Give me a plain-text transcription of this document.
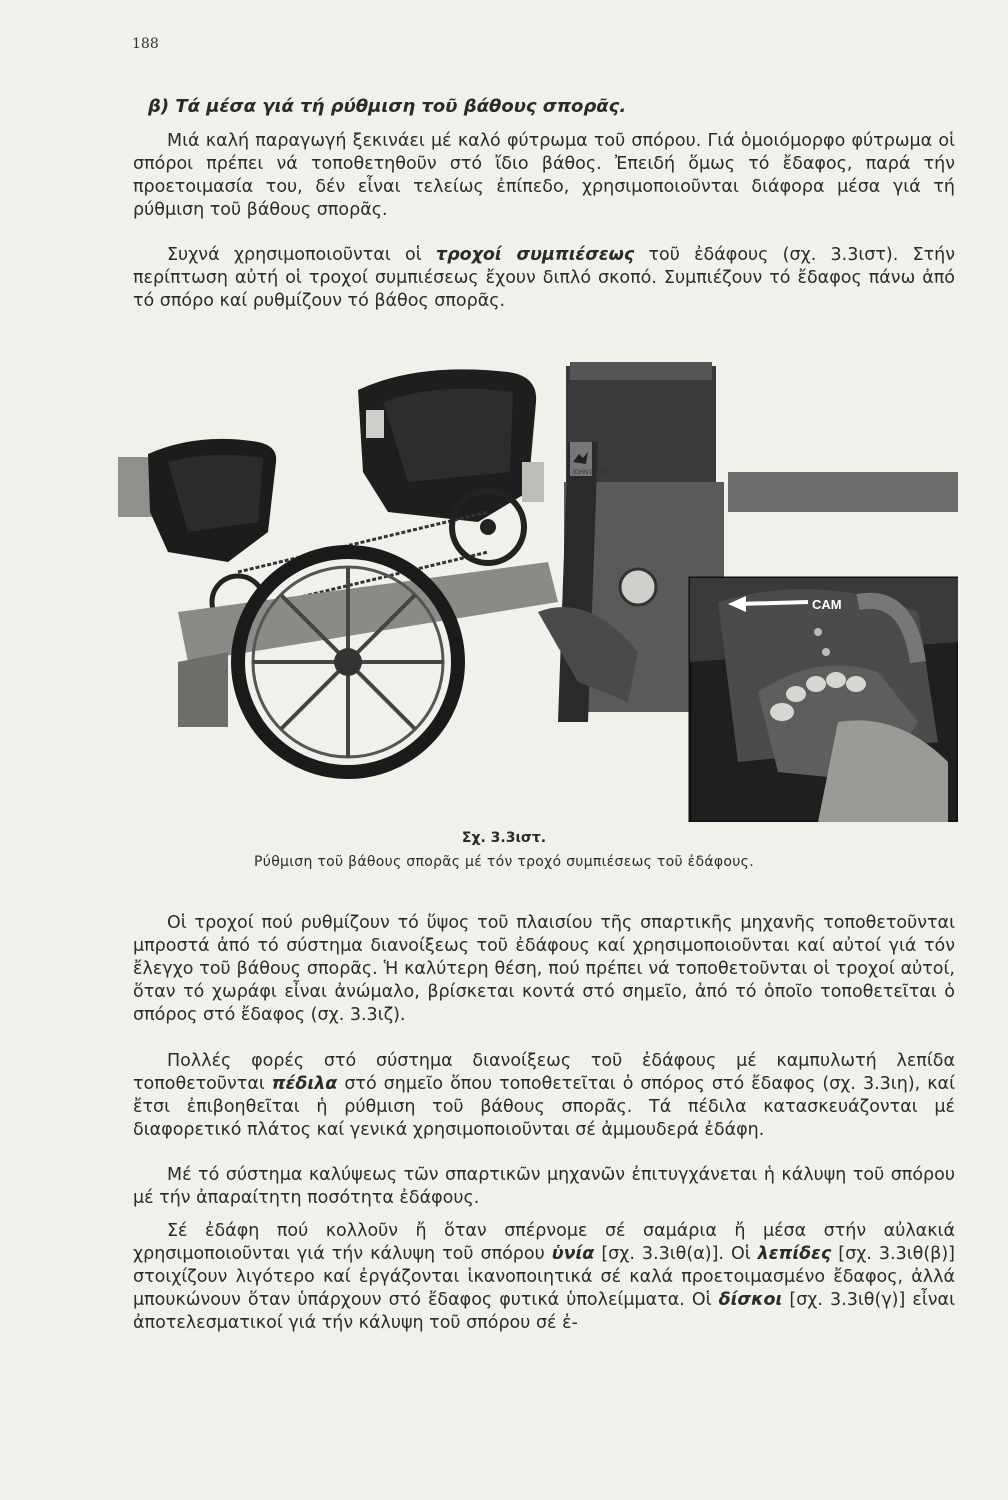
188
β) Τά μέσα γιά τή ρύθμιση τοῦ βάθους σπορᾶς.

Μιά καλή παραγωγή ξεκινάει μέ καλό φύτρωμα τοῦ σπόρου. Γιά ὁμοιόμορφο φύτρωμα οἱ σπόροι πρέπει νά τοποθετηθοῦν στό ἴδιο βάθος. Ἐπειδή ὅμως τό ἔδαφος, παρά τήν προετοιμασία του, δέν εἶναι τελείως ἐπίπεδο, χρησιμοποιοῦνται διάφορα μέσα γιά τή ρύθμιση τοῦ βάθους σπορᾶς.

Συχνά χρησιμοποιοῦνται οἱ τροχοί συμπιέσεως τοῦ ἐδάφους (σχ. 3.3ιστ). Στήν περίπτωση αὐτή οἱ τροχοί συμπιέσεως ἔχουν διπλό σκοπό. Συμπιέζουν τό ἔδαφος πάνω ἀπό τό σπόρο καί ρυθμίζουν τό βάθος σπορᾶς.

JOHN DEERE
CAM
Σχ. 3.3ιστ.
Ρύθμιση τοῦ βάθους σπορᾶς μέ τόν τροχό συμπιέσεως τοῦ ἐδάφους.

Οἱ τροχοί πού ρυθμίζουν τό ὕψος τοῦ πλαισίου τῆς σπαρτικῆς μηχανῆς τοποθετοῦνται μπροστά ἀπό τό σύστημα διανοίξεως τοῦ ἐδάφους καί χρησιμοποιοῦνται καί αὐτοί γιά τόν ἔλεγχο τοῦ βάθους σπορᾶς. Ἡ καλύτερη θέση, πού πρέπει νά τοποθετοῦνται οἱ τροχοί αὐτοί, ὅταν τό χωράφι εἶναι ἀνώμαλο, βρίσκεται κοντά στό σημεῖο, ἀπό τό ὁποῖο τοποθετεῖται ὁ σπόρος στό ἔδαφος (σχ. 3.3ιζ).

Πολλές φορές στό σύστημα διανοίξεως τοῦ ἐδάφους μέ καμπυλωτή λεπίδα τοποθετοῦνται πέδιλα στό σημεῖο ὅπου τοποθετεῖται ὁ σπόρος στό ἔδαφος (σχ. 3.3ιη), καί ἔτσι ἐπιβοηθεῖται ἡ ρύθμιση τοῦ βάθους σπορᾶς. Τά πέδιλα κατασκευάζονται μέ διαφορετικό πλάτος καί γενικά χρησιμοποιοῦνται σέ ἀμμουδερά ἐδάφη.

Μέ τό σύστημα καλύψεως τῶν σπαρτικῶν μηχανῶν ἐπιτυγχάνεται ἡ κάλυψη τοῦ σπόρου μέ τήν ἀπαραίτητη ποσότητα ἐδάφους.

Σέ ἐδάφη πού κολλοῦν ἤ ὅταν σπέρνομε σέ σαμάρια ἤ μέσα στήν αὐλακιά χρησιμοποιοῦνται γιά τήν κάλυψη τοῦ σπόρου ὑνία [σχ. 3.3ιθ(α)]. Οἱ λεπίδες [σχ. 3.3ιθ(β)] στοιχίζουν λιγότερο καί ἐργάζονται ἱκανοποιητικά σέ καλά προετοιμασμένο ἔδαφος, ἀλλά μπουκώνουν ὅταν ὑπάρχουν στό ἔδαφος φυτικά ὑπολείμματα. Οἱ δίσκοι [σχ. 3.3ιθ(γ)] εἶναι ἀποτελεσματικοί γιά τήν κάλυψη τοῦ σπόρου σέ ἐ-
